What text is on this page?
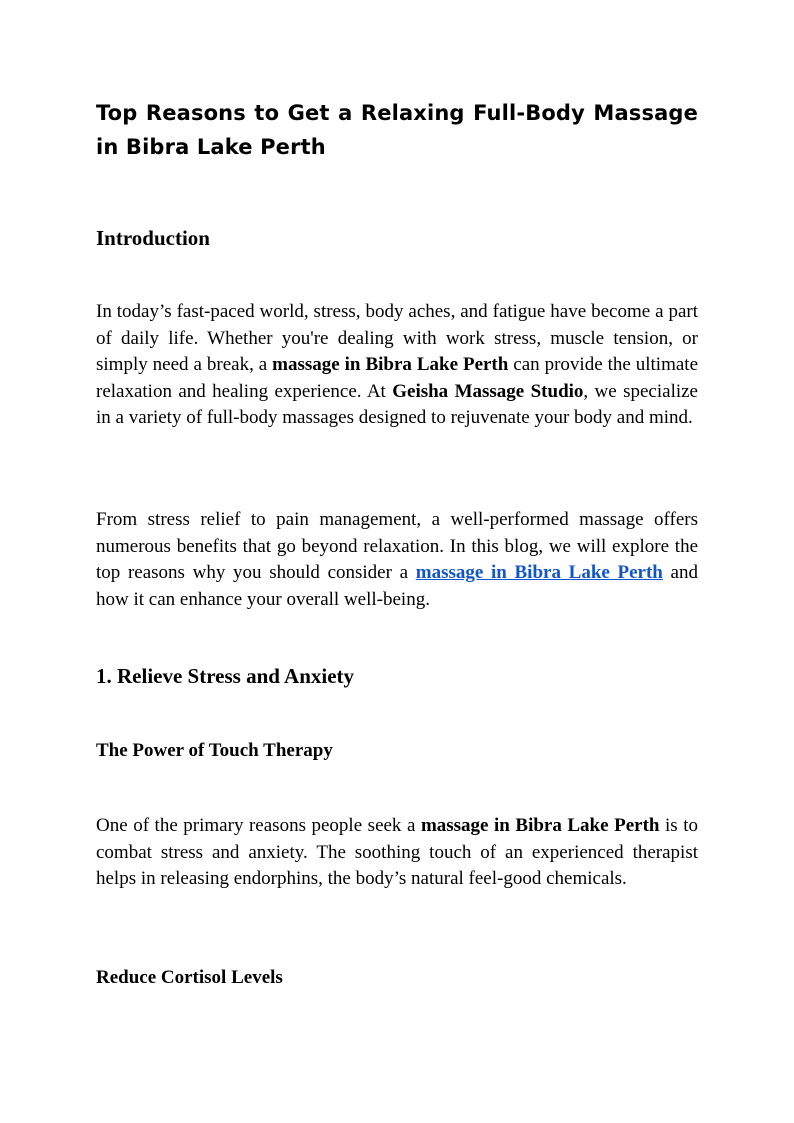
Top Reasons to Get a Relaxing Full-Body Massage in Bibra Lake Perth
Introduction

In today’s fast-paced world, stress, body aches, and fatigue have become a part of daily life. Whether you're dealing with work stress, muscle tension, or simply need a break, a massage in Bibra Lake Perth can provide the ultimate relaxation and healing experience. At Geisha Massage Studio, we specialize in a variety of full-body massages designed to rejuvenate your body and mind.

From stress relief to pain management, a well-performed massage offers numerous benefits that go beyond relaxation. In this blog, we will explore the top reasons why you should consider a massage in Bibra Lake Perth and how it can enhance your overall well-being.

1. Relieve Stress and Anxiety
The Power of Touch Therapy

One of the primary reasons people seek a massage in Bibra Lake Perth is to combat stress and anxiety. The soothing touch of an experienced therapist helps in releasing endorphins, the body’s natural feel-good chemicals.

Reduce Cortisol Levels
